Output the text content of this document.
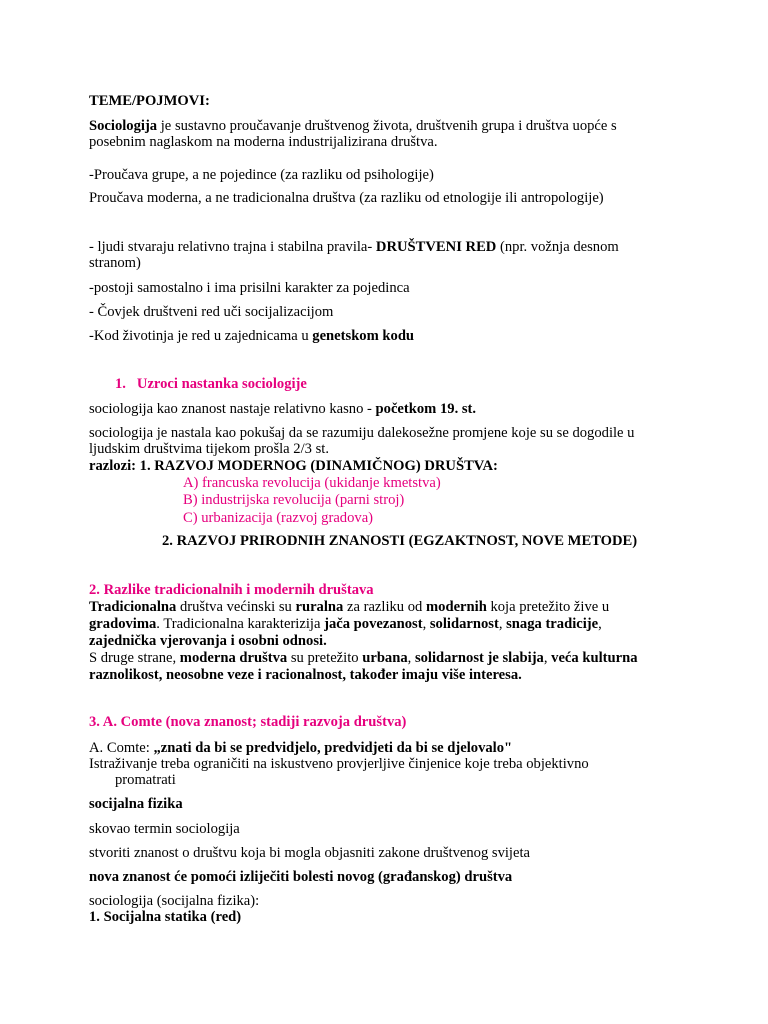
TEME/POJMOVI:
Sociologija je sustavno proučavanje društvenog života, društvenih grupa i društva uopće s
posebnim naglaskom na moderna industrijalizirana društva.
-Proučava grupe, a ne pojedince (za razliku od psihologije)
Proučava moderna, a ne tradicionalna društva (za razliku od etnologije ili antropologije)
- ljudi stvaraju relativno trajna i stabilna pravila- DRUŠTVENI RED (npr. vožnja desnom
stranom)
-postoji samostalno i ima prisilni karakter za pojedinca
- Čovjek društveni red uči socijalizacijom
-Kod životinja je red u zajednicama u genetskom kodu
1. Uzroci nastanka sociologije
sociologija kao znanost nastaje relativno kasno - početkom 19. st.
sociologija je nastala kao pokušaj da se razumiju dalekosežne promjene koje su se dogodile u
ljudskim društvima tijekom prošla 2/3 st.
razlozi: 1. RAZVOJ MODERNOG (DINAMIČNOG) DRUŠTVA:
A) francuska revolucija (ukidanje kmetstva)
B) industrijska revolucija (parni stroj)
C) urbanizacija (razvoj gradova)
2. RAZVOJ PRIRODNIH ZNANOSTI (EGZAKTNOST, NOVE METODE)
2. Razlike tradicionalnih i modernih društava
Tradicionalna društva većinski su ruralna za razliku od modernih koja pretežito žive u
gradovima. Tradicionalna karakterizija jača povezanost, solidarnost, snaga tradicije,
zajednička vjerovanja i osobni odnosi.
S druge strane, moderna društva su pretežito urbana, solidarnost je slabija, veća kulturna
raznolikost, neosobne veze i racionalnost, također imaju više interesa.
3. A. Comte (nova znanost; stadiji razvoja društva)
A. Comte: „znati da bi se predvidjelo, predvidjeti da bi se djelovalo"
Istraživanje treba ograničiti na iskustveno provjerljive činjenice koje treba objektivno
promatrati
socijalna fizika
skovao termin sociologija
stvoriti znanost o društvu koja bi mogla objasniti zakone društvenog svijeta
nova znanost će pomoći izliječiti bolesti novog (građanskog) društva
sociologija (socijalna fizika):
1. Socijalna statika (red)
